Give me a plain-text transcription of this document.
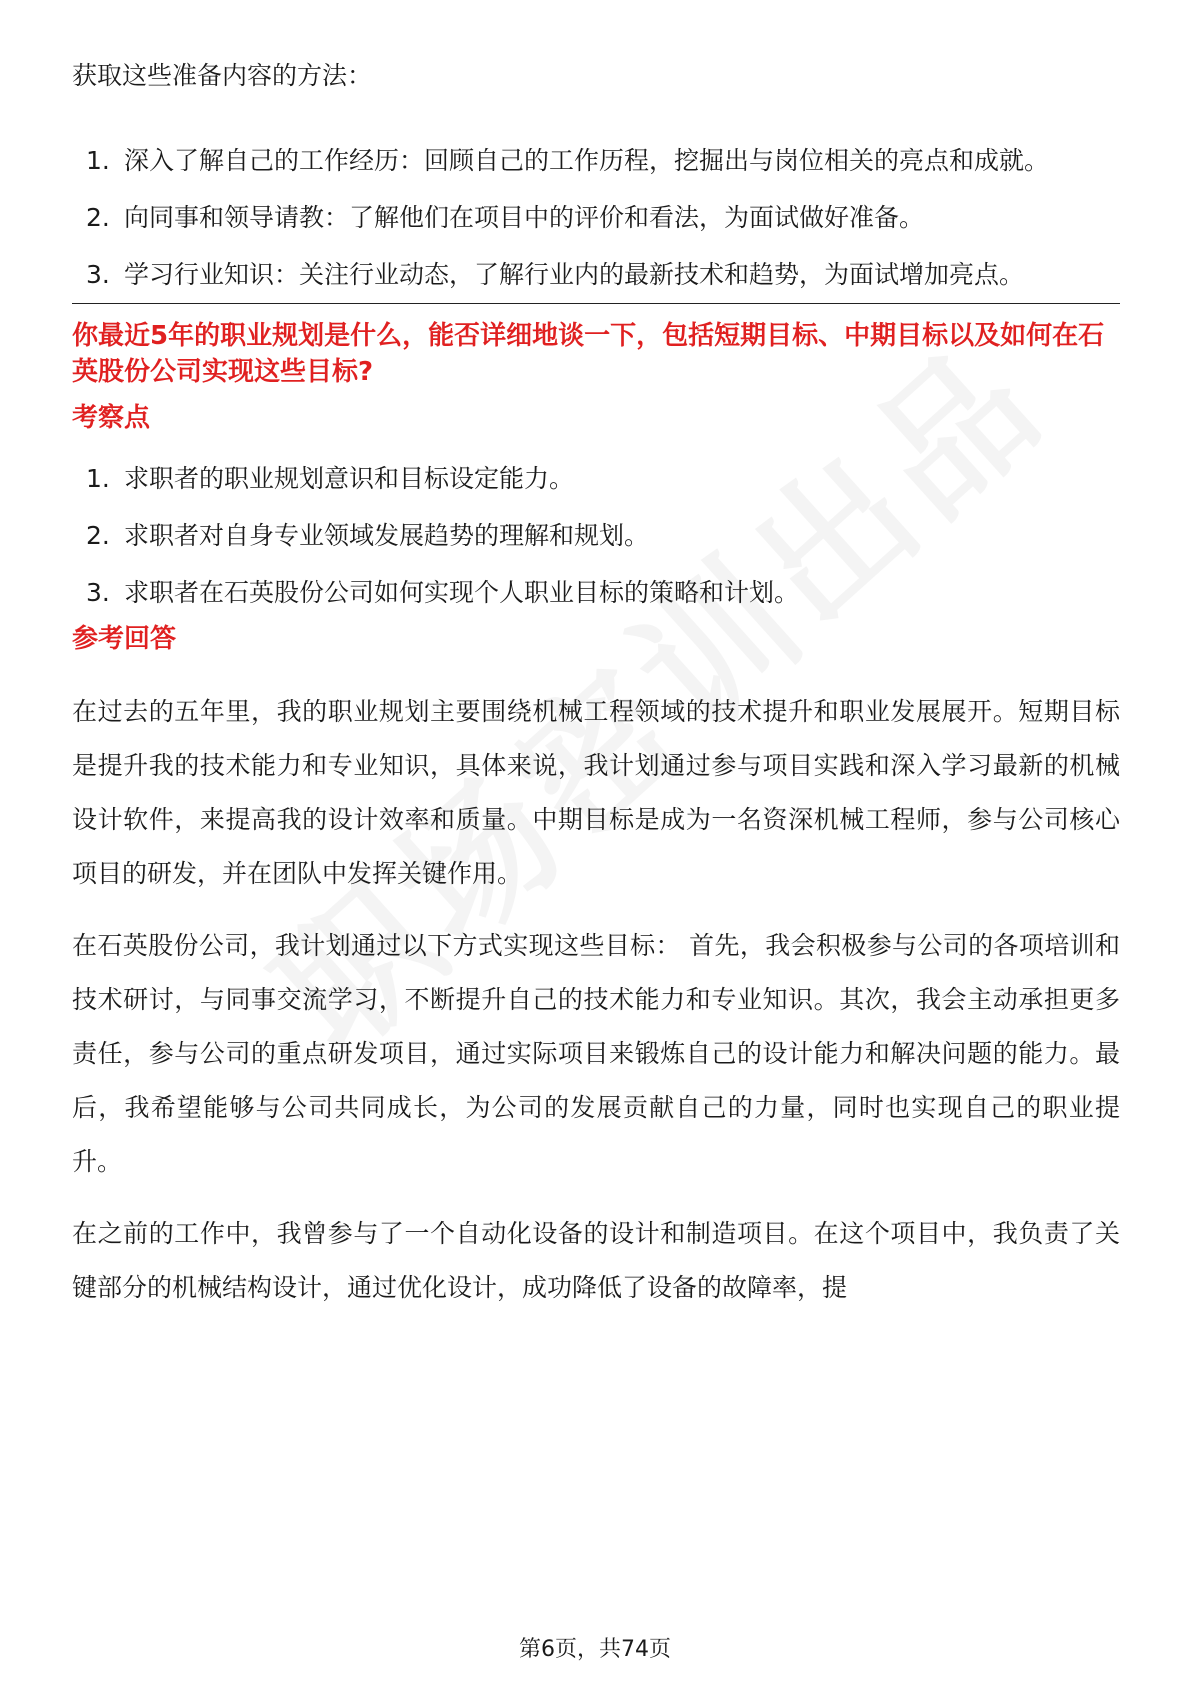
获取这些准备内容的方法：

1. 深入了解自己的工作经历：回顾自己的工作历程，挖掘出与岗位相关的亮点和成就。
2. 向同事和领导请教：了解他们在项目中的评价和看法，为面试做好准备。
3. 学习行业知识：关注行业动态，了解行业内的最新技术和趋势，为面试增加亮点。
你最近5年的职业规划是什么，能否详细地谈一下，包括短期目标、中期目标以及如何在石英股份公司实现这些目标?
考察点
1. 求职者的职业规划意识和目标设定能力。
2. 求职者对自身专业领域发展趋势的理解和规划。
3. 求职者在石英股份公司如何实现个人职业目标的策略和计划。
参考回答

在过去的五年里，我的职业规划主要围绕机械工程领域的技术提升和职业发展展开。短期目标是提升我的技术能力和专业知识，具体来说，我计划通过参与项目实践和深入学习最新的机械设计软件，来提高我的设计效率和质量。中期目标是成为一名资深机械工程师，参与公司核心项目的研发，并在团队中发挥关键作用。

在石英股份公司，我计划通过以下方式实现这些目标： 首先，我会积极参与公司的各项培训和技术研讨，与同事交流学习，不断提升自己的技术能力和专业知识。其次，我会主动承担更多责任，参与公司的重点研发项目，通过实际项目来锻炼自己的设计能力和解决问题的能力。最后，我希望能够与公司共同成长，为公司的发展贡献自己的力量，同时也实现自己的职业提升。

在之前的工作中，我曾参与了一个自动化设备的设计和制造项目。在这个项目中，我负责了关键部分的机械结构设计，通过优化设计，成功降低了设备的故障率，提

第6页，共74页
